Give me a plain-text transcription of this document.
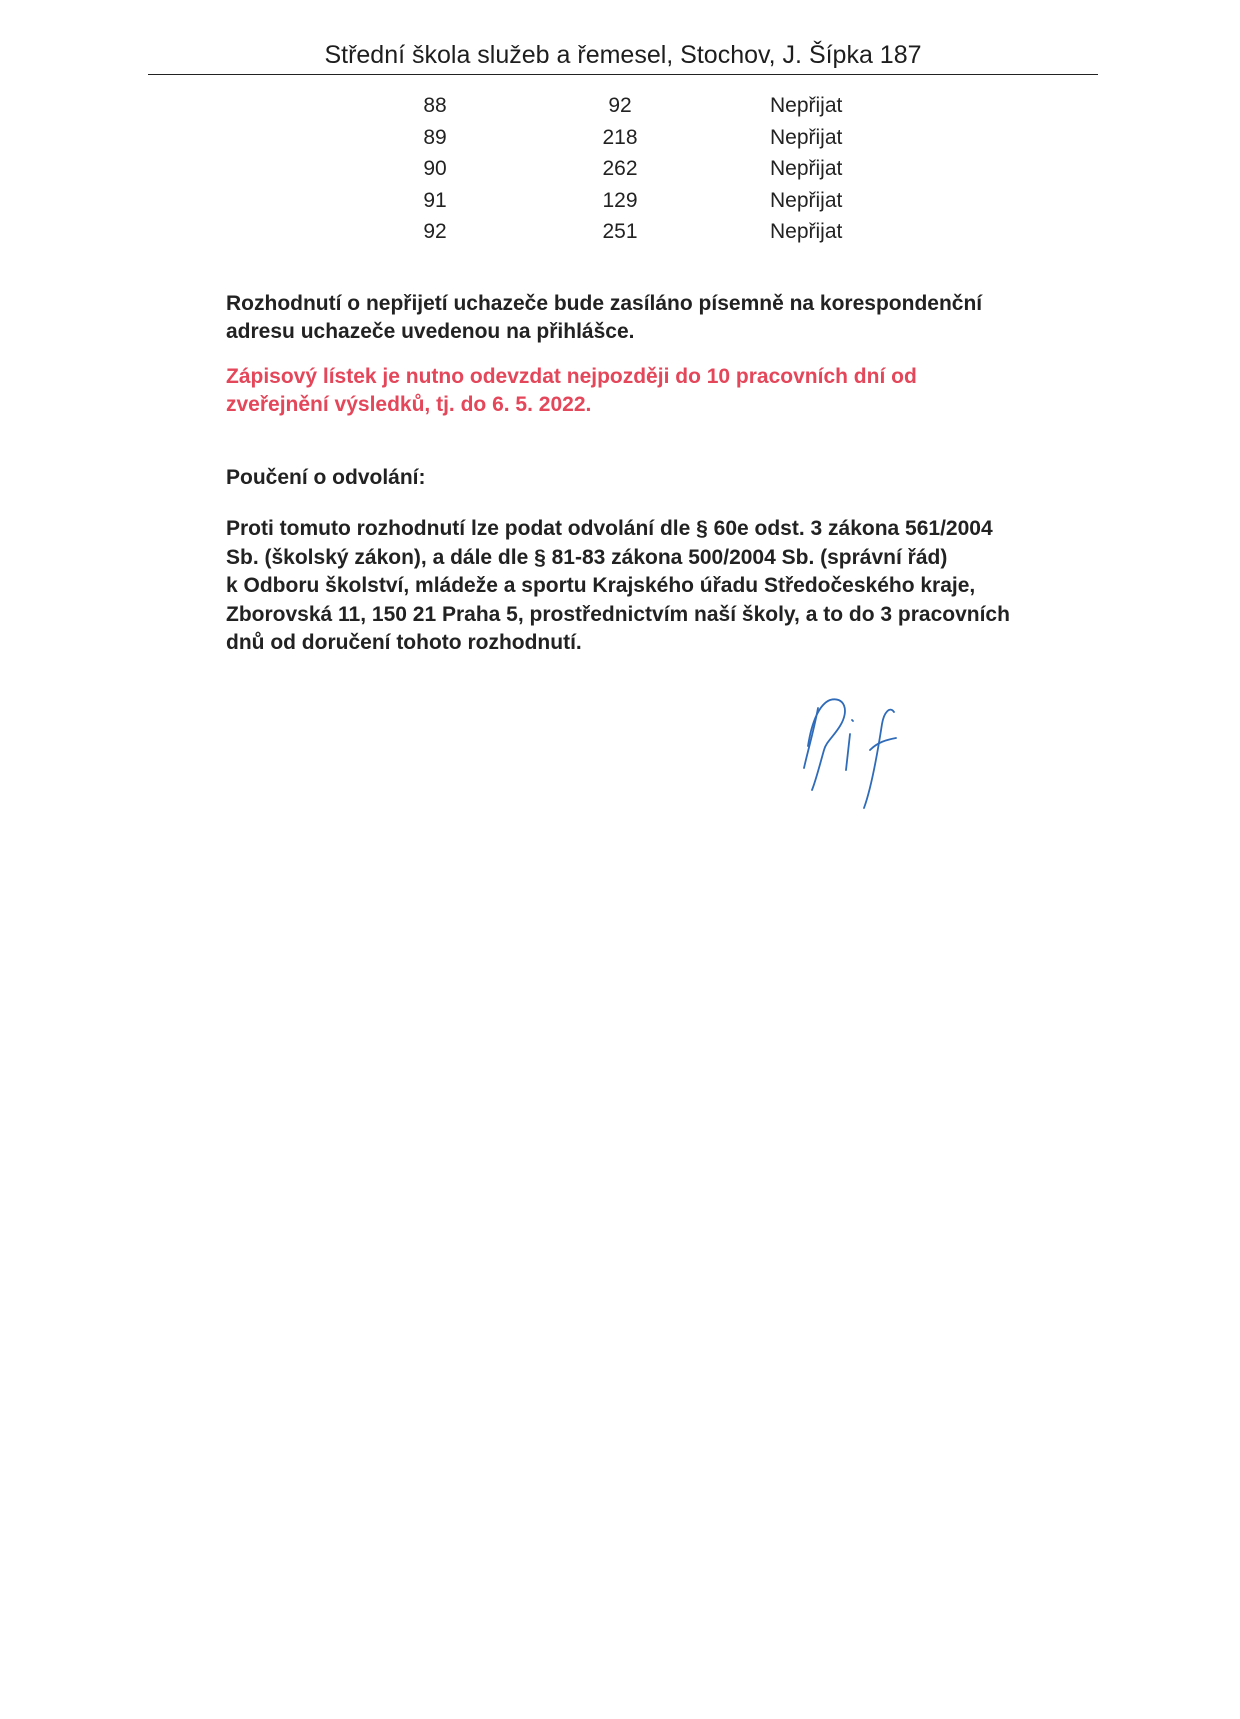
Střední škola služeb a řemesel, Stochov, J. Šípka 187
88	92	Nepřijat
89	218	Nepřijat
90	262	Nepřijat
91	129	Nepřijat
92	251	Nepřijat
Rozhodnutí o nepřijetí uchazeče bude zasíláno písemně na korespondenční
adresu uchazeče uvedenou na přihlášce.
Zápisový lístek je nutno odevzdat nejpozději do 10 pracovních dní od
zveřejnění výsledků, tj. do 6. 5. 2022.
Poučení o odvolání:
Proti tomuto rozhodnutí lze podat odvolání dle § 60e odst. 3 zákona 561/2004
Sb. (školský zákon), a dále dle § 81-83 zákona 500/2004 Sb. (správní řád)
k Odboru školství, mládeže a sportu Krajského úřadu Středočeského kraje,
Zborovská 11, 150 21 Praha 5, prostřednictvím naší školy, a to do 3 pracovních
dnů od doručení tohoto rozhodnutí.
